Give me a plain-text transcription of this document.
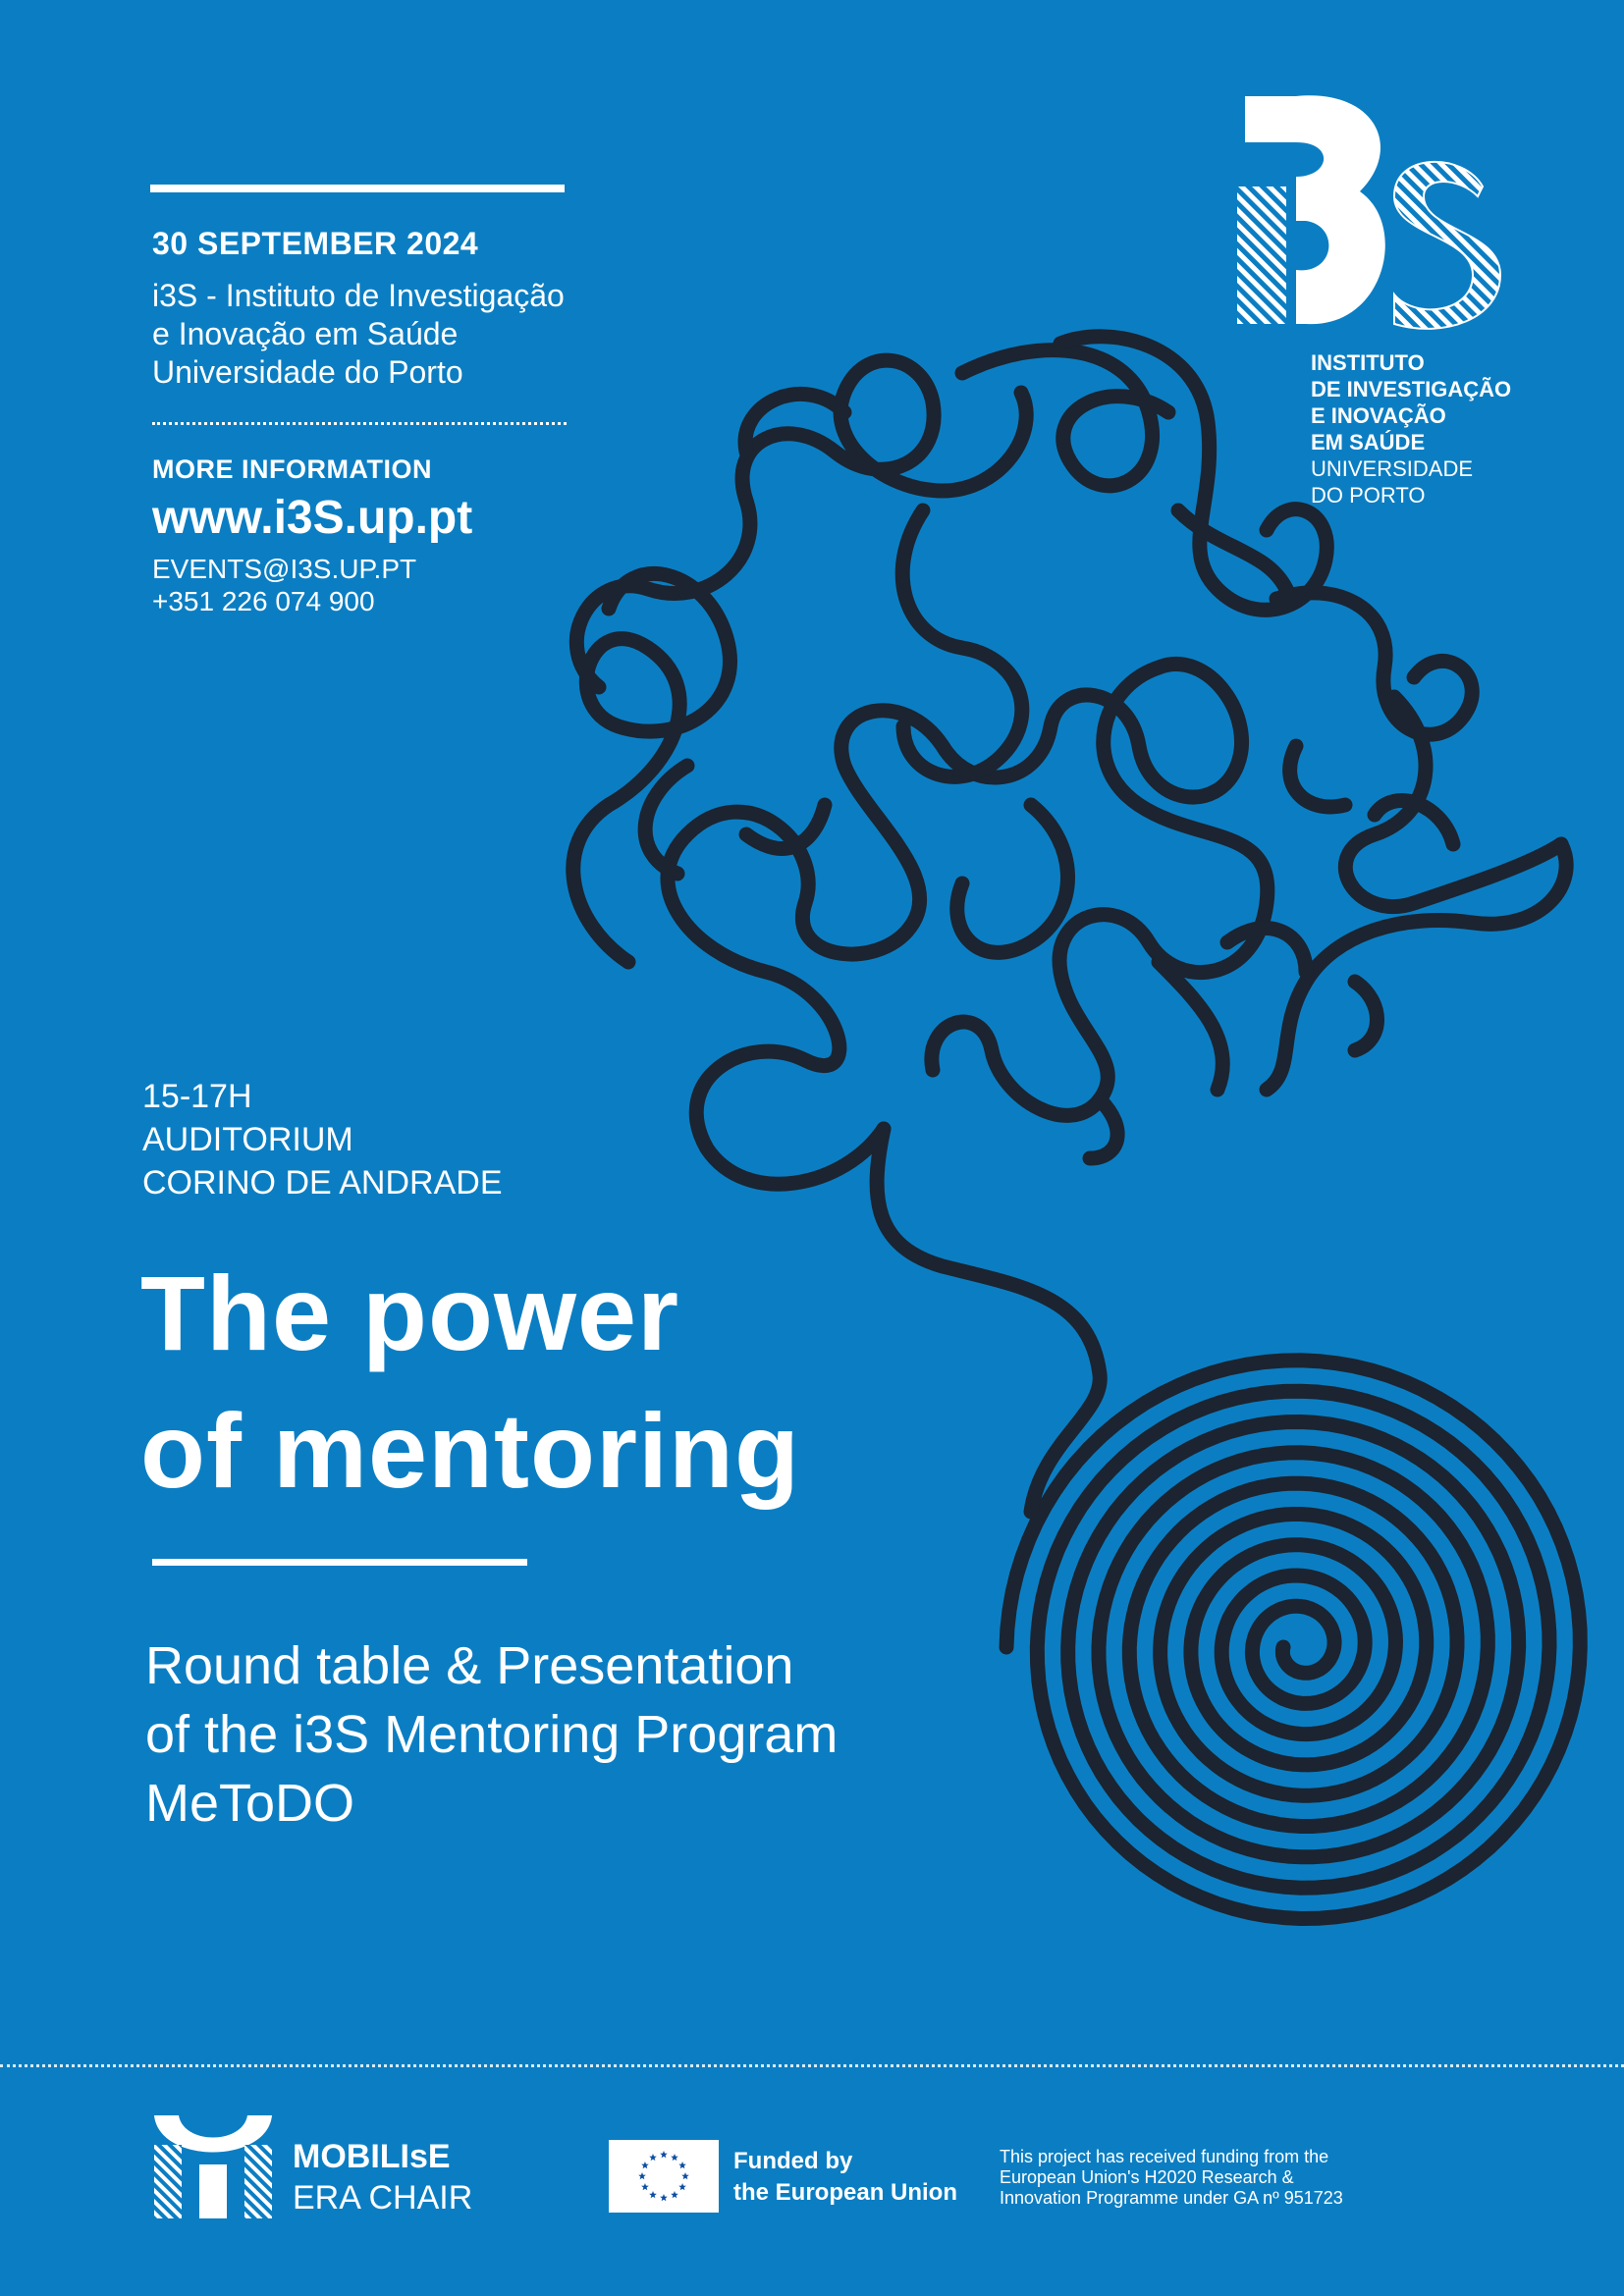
30 SEPTEMBER 2024
i3S - Instituto de Investigação
e Inovação em Saúde
Universidade do Porto
MORE INFORMATION
www.i3S.up.pt
EVENTS@I3S.UP.PT
+351 226 074 900
INSTITUTO
DE INVESTIGAÇÃO
E INOVAÇÃO
EM SAÚDE
UNIVERSIDADE
DO PORTO
15-17H
AUDITORIUM
CORINO DE ANDRADE
The power
of mentoring
Round table & Presentation
of the i3S Mentoring Program
MeToDO
MOBILIsE
ERA CHAIR
Funded by
the European Union
This project has received funding from the
European Union's H2020 Research &
Innovation Programme under GA nº 951723
